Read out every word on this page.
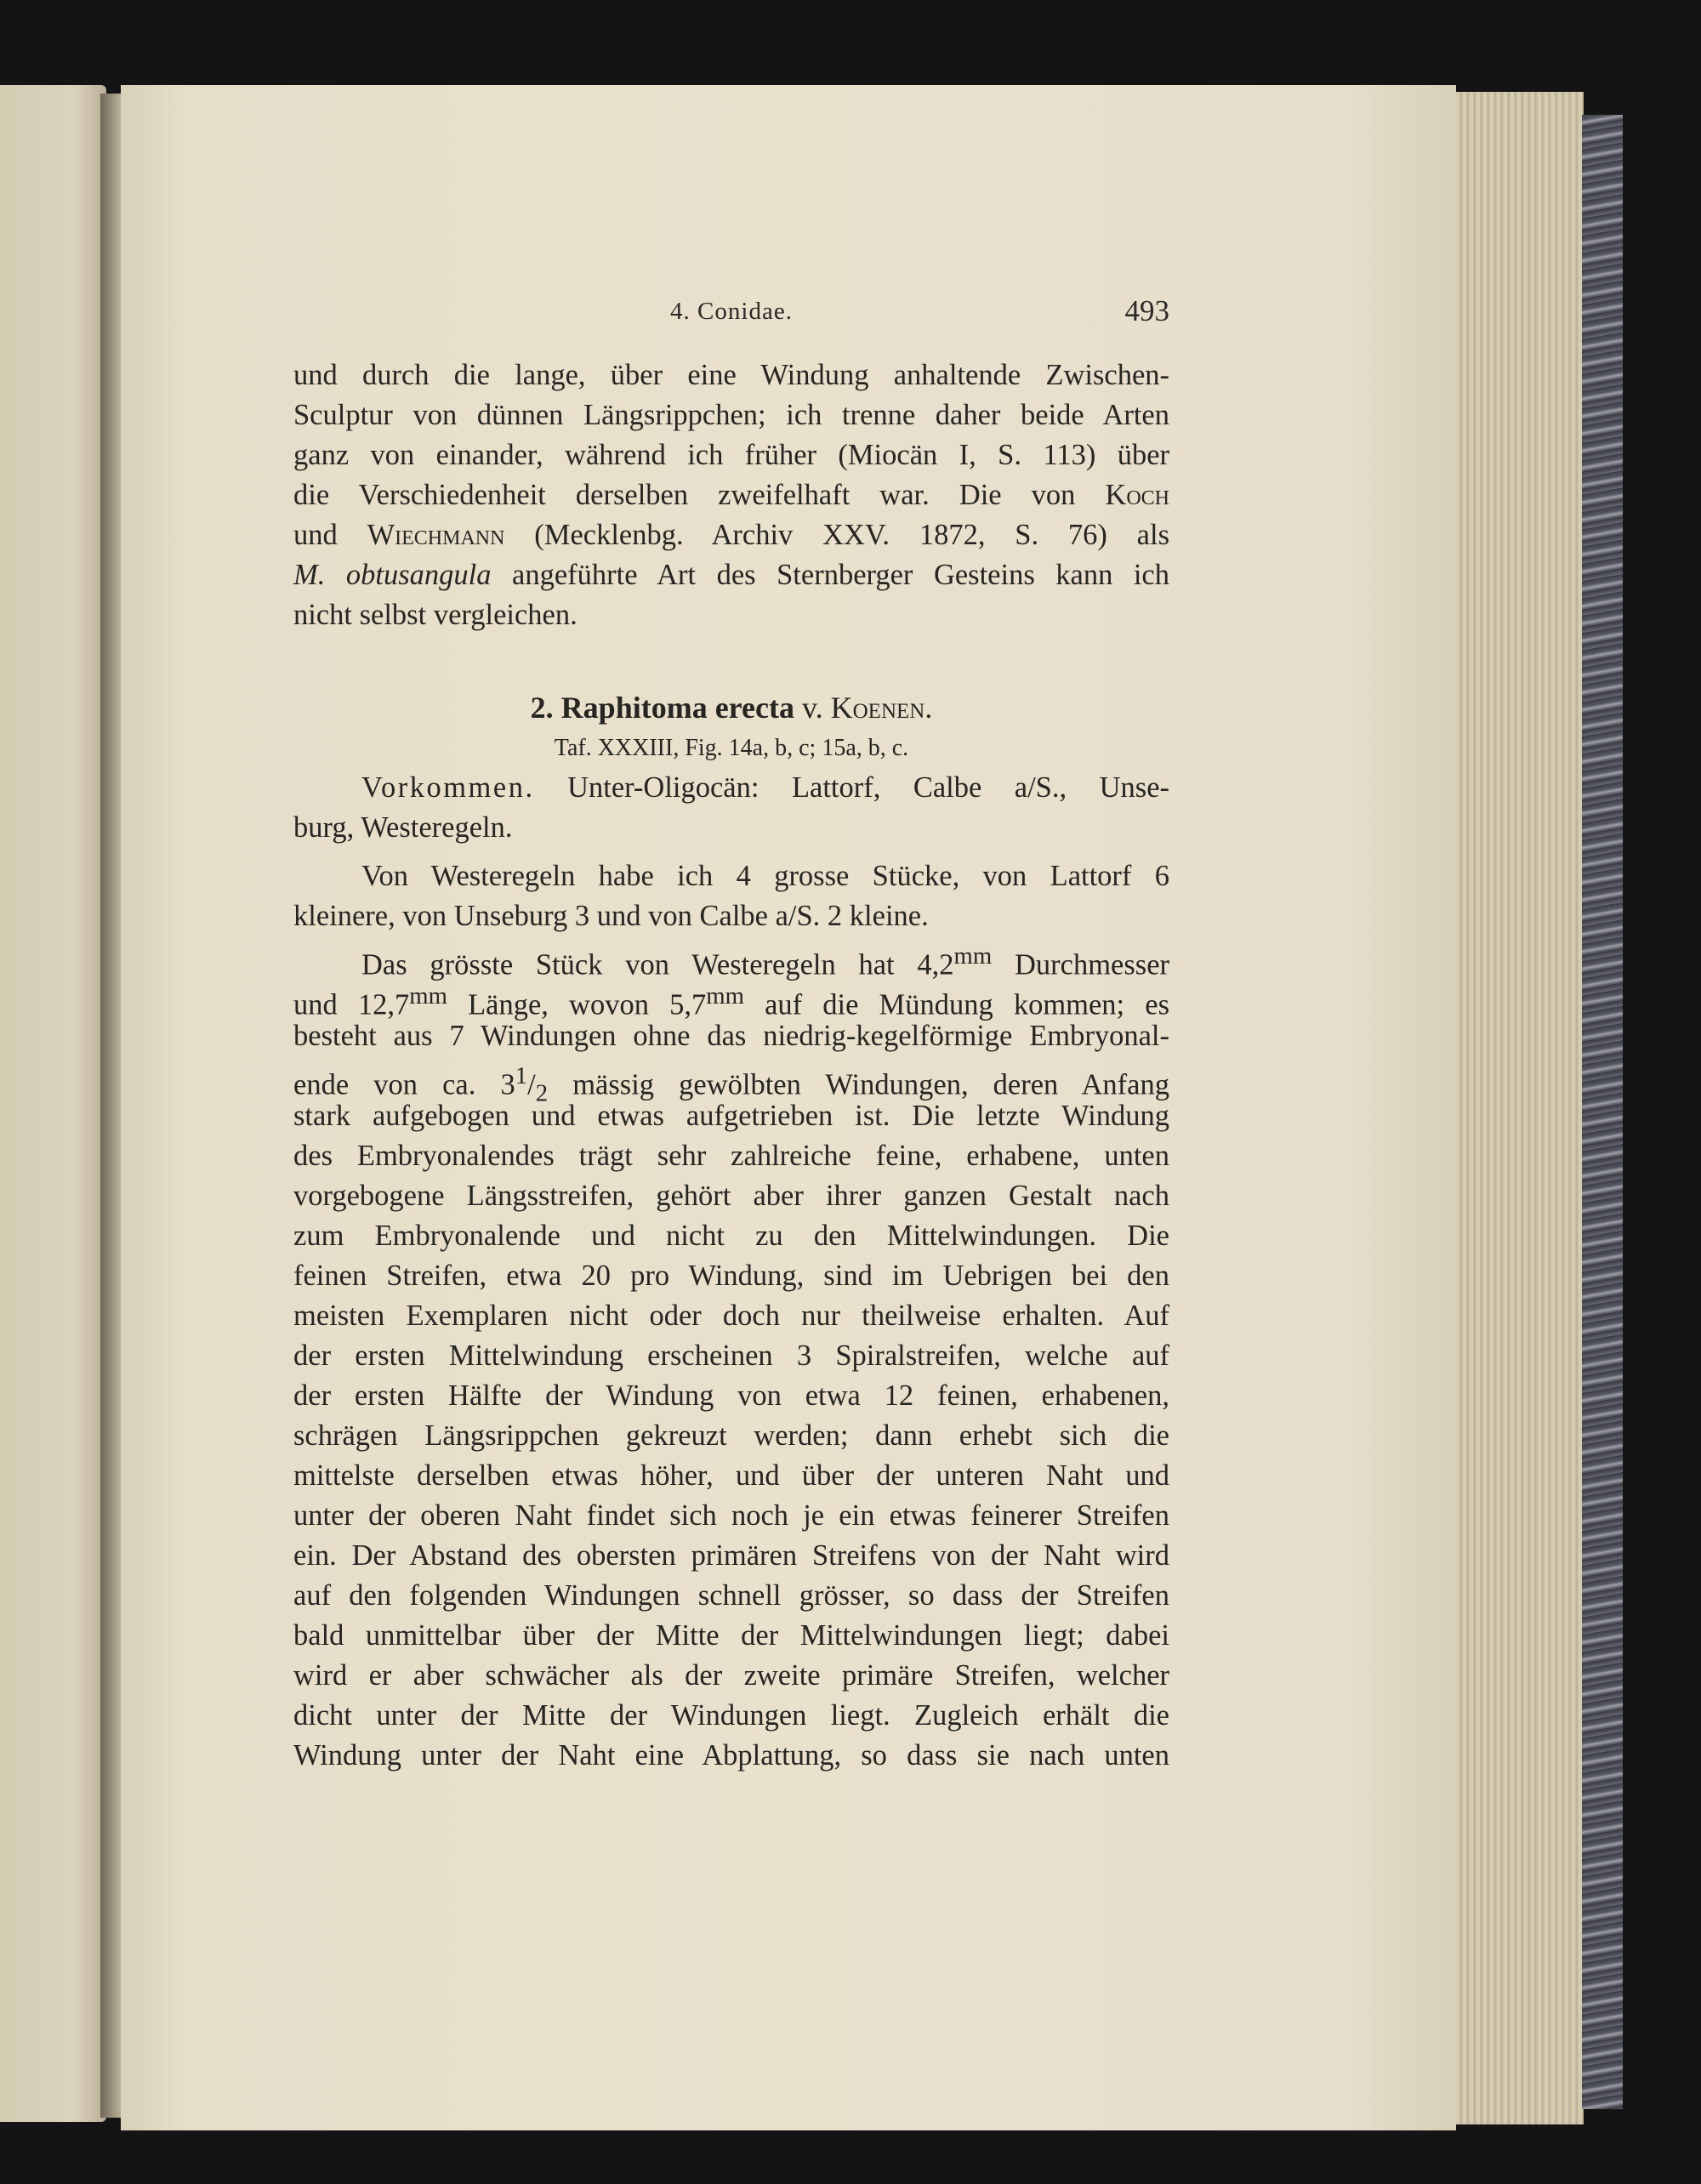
4. Conidae.	493
und durch die lange, über eine Windung anhaltende Zwischen-
Sculptur von dünnen Längsrippchen; ich trenne daher beide Arten
ganz von einander, während ich früher (Miocän I, S. 113) über
die Verschiedenheit derselben zweifelhaft war. Die von Koch
und Wiechmann (Mecklenbg. Archiv XXV. 1872, S. 76) als
M. obtusangula angeführte Art des Sternberger Gesteins kann ich
nicht selbst vergleichen.
2. Raphitoma erecta v. Koenen.
Taf. XXXIII, Fig. 14a, b, c; 15a, b, c.
Vorkommen. Unter-Oligocän: Lattorf, Calbe a/S., Unse-
burg, Westeregeln.
Von Westeregeln habe ich 4 grosse Stücke, von Lattorf 6
kleinere, von Unseburg 3 und von Calbe a/S. 2 kleine.
Das grösste Stück von Westeregeln hat $4,2^{mm}$ Durchmesser
und $12,7^{mm}$ Länge, wovon $5,7^{mm}$ auf die Mündung kommen; es
besteht aus 7 Windungen ohne das niedrig-kegelförmige Embryonal-
ende von ca. $3^1/_2$ mässig gewölbten Windungen, deren Anfang
stark aufgebogen und etwas aufgetrieben ist. Die letzte Windung
des Embryonalendes trägt sehr zahlreiche feine, erhabene, unten
vorgebogene Längsstreifen, gehört aber ihrer ganzen Gestalt nach
zum Embryonalende und nicht zu den Mittelwindungen. Die
feinen Streifen, etwa 20 pro Windung, sind im Uebrigen bei den
meisten Exemplaren nicht oder doch nur theilweise erhalten. Auf
der ersten Mittelwindung erscheinen 3 Spiralstreifen, welche auf
der ersten Hälfte der Windung von etwa 12 feinen, erhabenen,
schrägen Längsrippchen gekreuzt werden; dann erhebt sich die
mittelste derselben etwas höher, und über der unteren Naht und
unter der oberen Naht findet sich noch je ein etwas feinerer Streifen
ein. Der Abstand des obersten primären Streifens von der Naht wird
auf den folgenden Windungen schnell grösser, so dass der Streifen
bald unmittelbar über der Mitte der Mittelwindungen liegt; dabei
wird er aber schwächer als der zweite primäre Streifen, welcher
dicht unter der Mitte der Windungen liegt. Zugleich erhält die
Windung unter der Naht eine Abplattung, so dass sie nach unten
